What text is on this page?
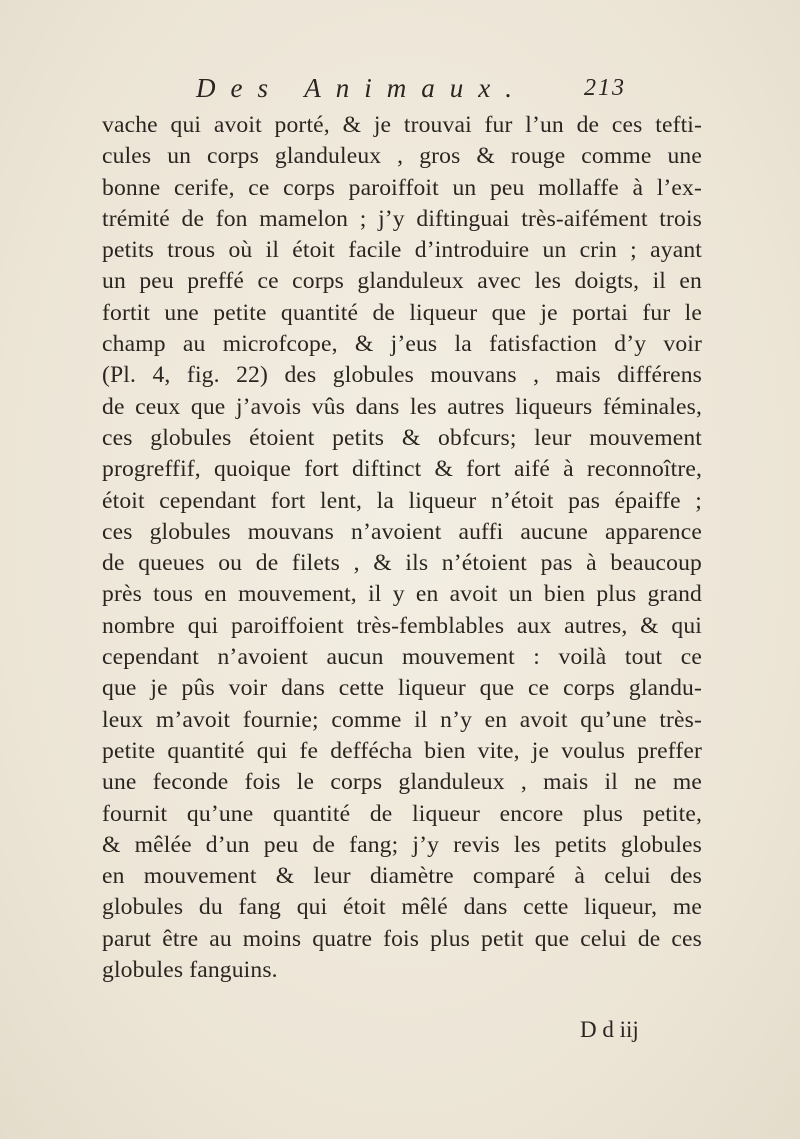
Des Animaux. 213
vache qui avoit porté, & je trouvai fur l’un de ces tefti-
cules un corps glanduleux , gros & rouge comme une
bonne cerife, ce corps paroiffoit un peu mollaffe à l’ex-
trémité de fon mamelon ; j’y diftinguai très-aifément trois
petits trous où il étoit facile d’introduire un crin ; ayant
un peu preffé ce corps glanduleux avec les doigts, il en
fortit une petite quantité de liqueur que je portai fur le
champ au microfcope, & j’eus la fatisfaction d’y voir
(Pl. 4, fig. 22) des globules mouvans , mais différens
de ceux que j’avois vûs dans les autres liqueurs féminales,
ces globules étoient petits & obfcurs; leur mouvement
progreffif, quoique fort diftinct & fort aifé à reconnoître,
étoit cependant fort lent, la liqueur n’étoit pas épaiffe ;
ces globules mouvans n’avoient auffi aucune apparence
de queues ou de filets , & ils n’étoient pas à beaucoup
près tous en mouvement, il y en avoit un bien plus grand
nombre qui paroiffoient très-femblables aux autres, & qui
cependant n’avoient aucun mouvement : voilà tout ce
que je pûs voir dans cette liqueur que ce corps glandu-
leux m’avoit fournie; comme il n’y en avoit qu’une très-
petite quantité qui fe defféchа bien vite, je voulus preffer
une feconde fois le corps glanduleux , mais il ne me
fournit qu’une quantité de liqueur encore plus petite,
& mêlée d’un peu de fang; j’y revis les petits globules
en mouvement & leur diamètre comparé à celui des
globules du fang qui étoit mêlé dans cette liqueur, me
parut être au moins quatre fois plus petit que celui de ces
globules fanguins.
D d iij
